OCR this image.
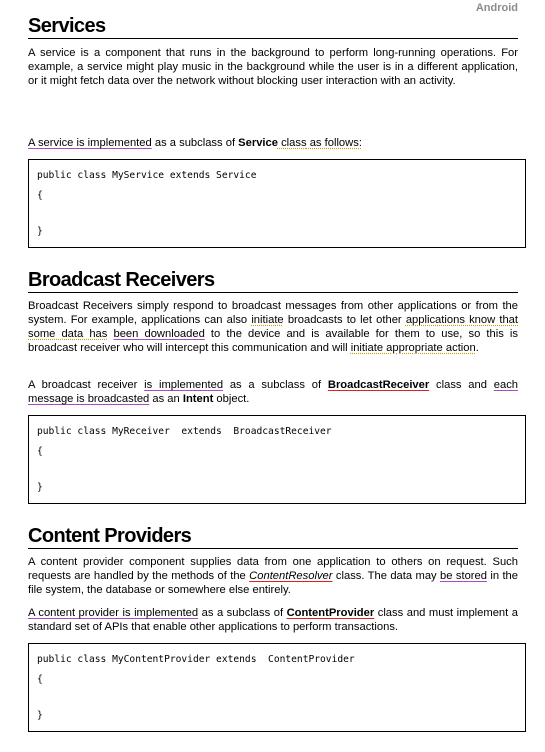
Android
Services

A service is a component that runs in the background to perform long-running operations. For example, a service might play music in the background while the user is in a different application, or it might fetch data over the network without blocking user interaction with an activity.

A service is implemented as a subclass of Service class as follows:

public class MyService extends Service
{
}
Broadcast Receivers

Broadcast Receivers simply respond to broadcast messages from other applications or from the system. For example, applications can also initiate broadcasts to let other applications know that some data has been downloaded to the device and is available for them to use, so this is broadcast receiver who will intercept this communication and will initiate appropriate action.

A broadcast receiver is implemented as a subclass of BroadcastReceiver class and each message is broadcasted as an Intent object.

public class MyReceiver  extends  BroadcastReceiver
{
}
Content Providers

A content provider component supplies data from one application to others on request. Such requests are handled by the methods of the ContentResolver class. The data may be stored in the file system, the database or somewhere else entirely.

A content provider is implemented as a subclass of ContentProvider class and must implement a standard set of APIs that enable other applications to perform transactions.

public class MyContentProvider extends  ContentProvider
{
}
